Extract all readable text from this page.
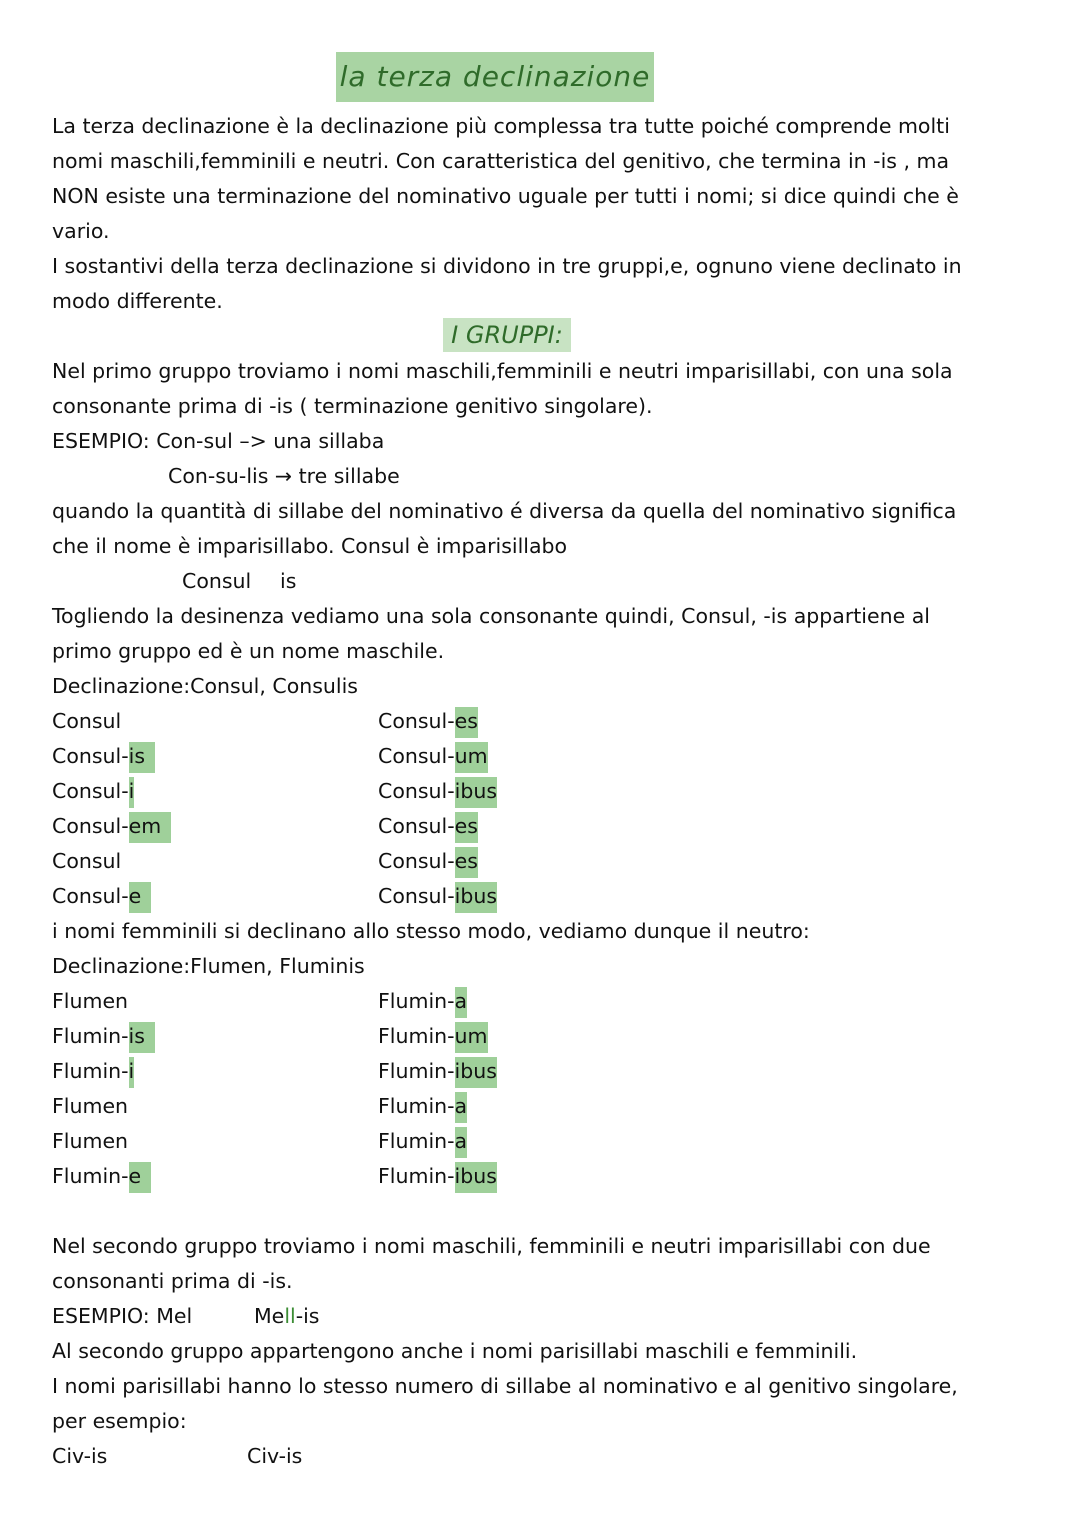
la terza declinazione
La terza declinazione è la declinazione più complessa tra tutte poiché comprende molti
nomi maschili,femminili e neutri. Con caratteristica del genitivo, che termina in -is , ma
NON esiste una terminazione del nominativo uguale per tutti i nomi; si dice quindi che è
vario.
I sostantivi della terza declinazione si dividono in tre gruppi,e, ognuno viene declinato in
modo differente.
I GRUPPI:
Nel primo gruppo troviamo i nomi maschili,femminili e neutri imparisillabi, con una sola
consonante prima di -is ( terminazione genitivo singolare).
ESEMPIO: Con-sul –> una sillaba
Con-su-lis → tre sillabe
quando la quantità di sillabe del nominativo é diversa da quella del nominativo significa
che il nome è imparisillabo. Consul è imparisillabo
Consul is
Togliendo la desinenza vediamo una sola consonante quindi, Consul, -is appartiene al
primo gruppo ed è un nome maschile.
Declinazione:Consul, Consulis
Consul
Consul-is
Consul-i
Consul-em
Consul
Consul-e
Consul-es
Consul-um
Consul-ibus
Consul-es
Consul-es
Consul-ibus
i nomi femminili si declinano allo stesso modo, vediamo dunque il neutro:
Declinazione:Flumen, Fluminis
Flumen
Flumin-is
Flumin-i
Flumen
Flumen
Flumin-e
Flumin-a
Flumin-um
Flumin-ibus
Flumin-a
Flumin-a
Flumin-ibus
Nel secondo gruppo troviamo i nomi maschili, femminili e neutri imparisillabi con due
consonanti prima di -is.
ESEMPIO: Mel	Mell-is
Al secondo gruppo appartengono anche i nomi parisillabi maschili e femminili.
I nomi parisillabi hanno lo stesso numero di sillabe al nominativo e al genitivo singolare,
per esempio:
Civ-is	Civ-is
